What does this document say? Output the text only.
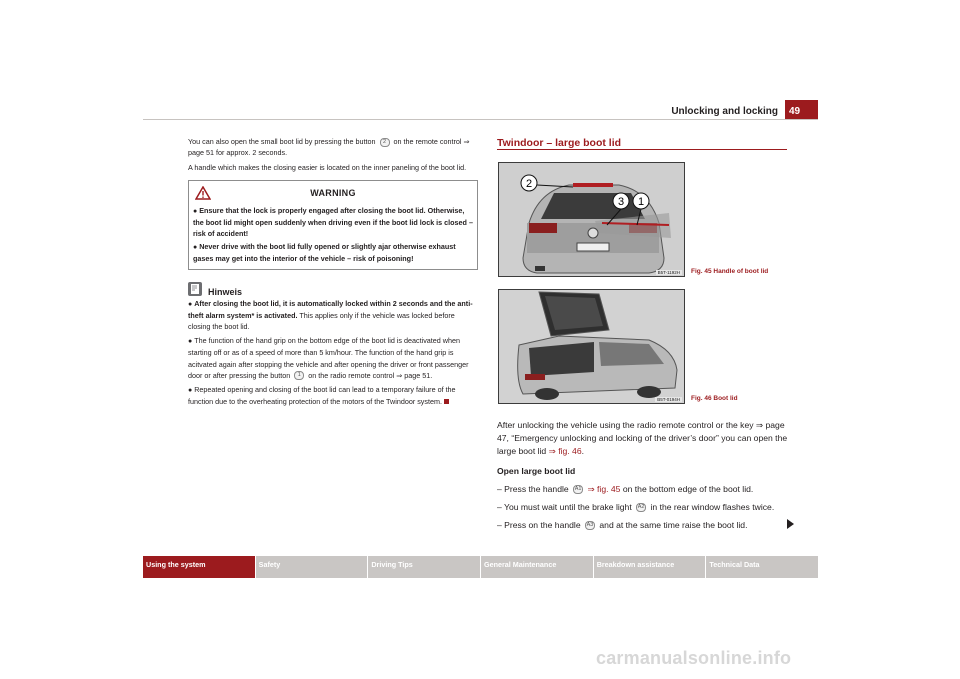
Unlocking and locking	49

You can also open the small boot lid by pressing the button 2 on the remote control ⇒ page 51 for approx. 2 seconds.

A handle which makes the closing easier is located on the inner paneling of the boot lid.

WARNING
● Ensure that the lock is properly engaged after closing the boot lid. Otherwise, the boot lid might open suddenly when driving even if the boot lid lock is closed – risk of accident!
● Never drive with the boot lid fully opened or slightly ajar otherwise exhaust gases may get into the interior of the vehicle – risk of poisoning!
Hinweis
● After closing the boot lid, it is automatically locked within 2 seconds and the anti-theft alarm system* is activated. This applies only if the vehicle was locked before closing the boot lid.
● The function of the hand grip on the bottom edge of the boot lid is deactivated when starting off or as of a speed of more than 5 km/hour. The function of the hand grip is acitvated again after stopping the vehicle and after opening the driver or front passenger door or after pressing the button 1 on the radio remote control ⇒ page 51.
● Repeated opening and closing of the boot lid can lead to a temporary failure of the function due to the overheating protection of the motors of the Twindoor system.
Twindoor – large boot lid
2
3 1
B5T-1192H	Fig. 45 Handle of boot lid
B5T-0194H	Fig. 46 Boot lid

After unlocking the vehicle using the radio remote control or the key ⇒ page 47, “Emergency unlocking and locking of the driver’s door” you can open the large boot lid ⇒ fig. 46.

Open large boot lid
– Press the handle A1 ⇒ fig. 45 on the bottom edge of the boot lid.
– You must wait until the brake light A2 in the rear window flashes twice.
– Press on the handle A3 and at the same time raise the boot lid.
Using the system	Safety	Driving Tips	General Maintenance	Breakdown assistance	Technical Data
carmanualsonline.info
